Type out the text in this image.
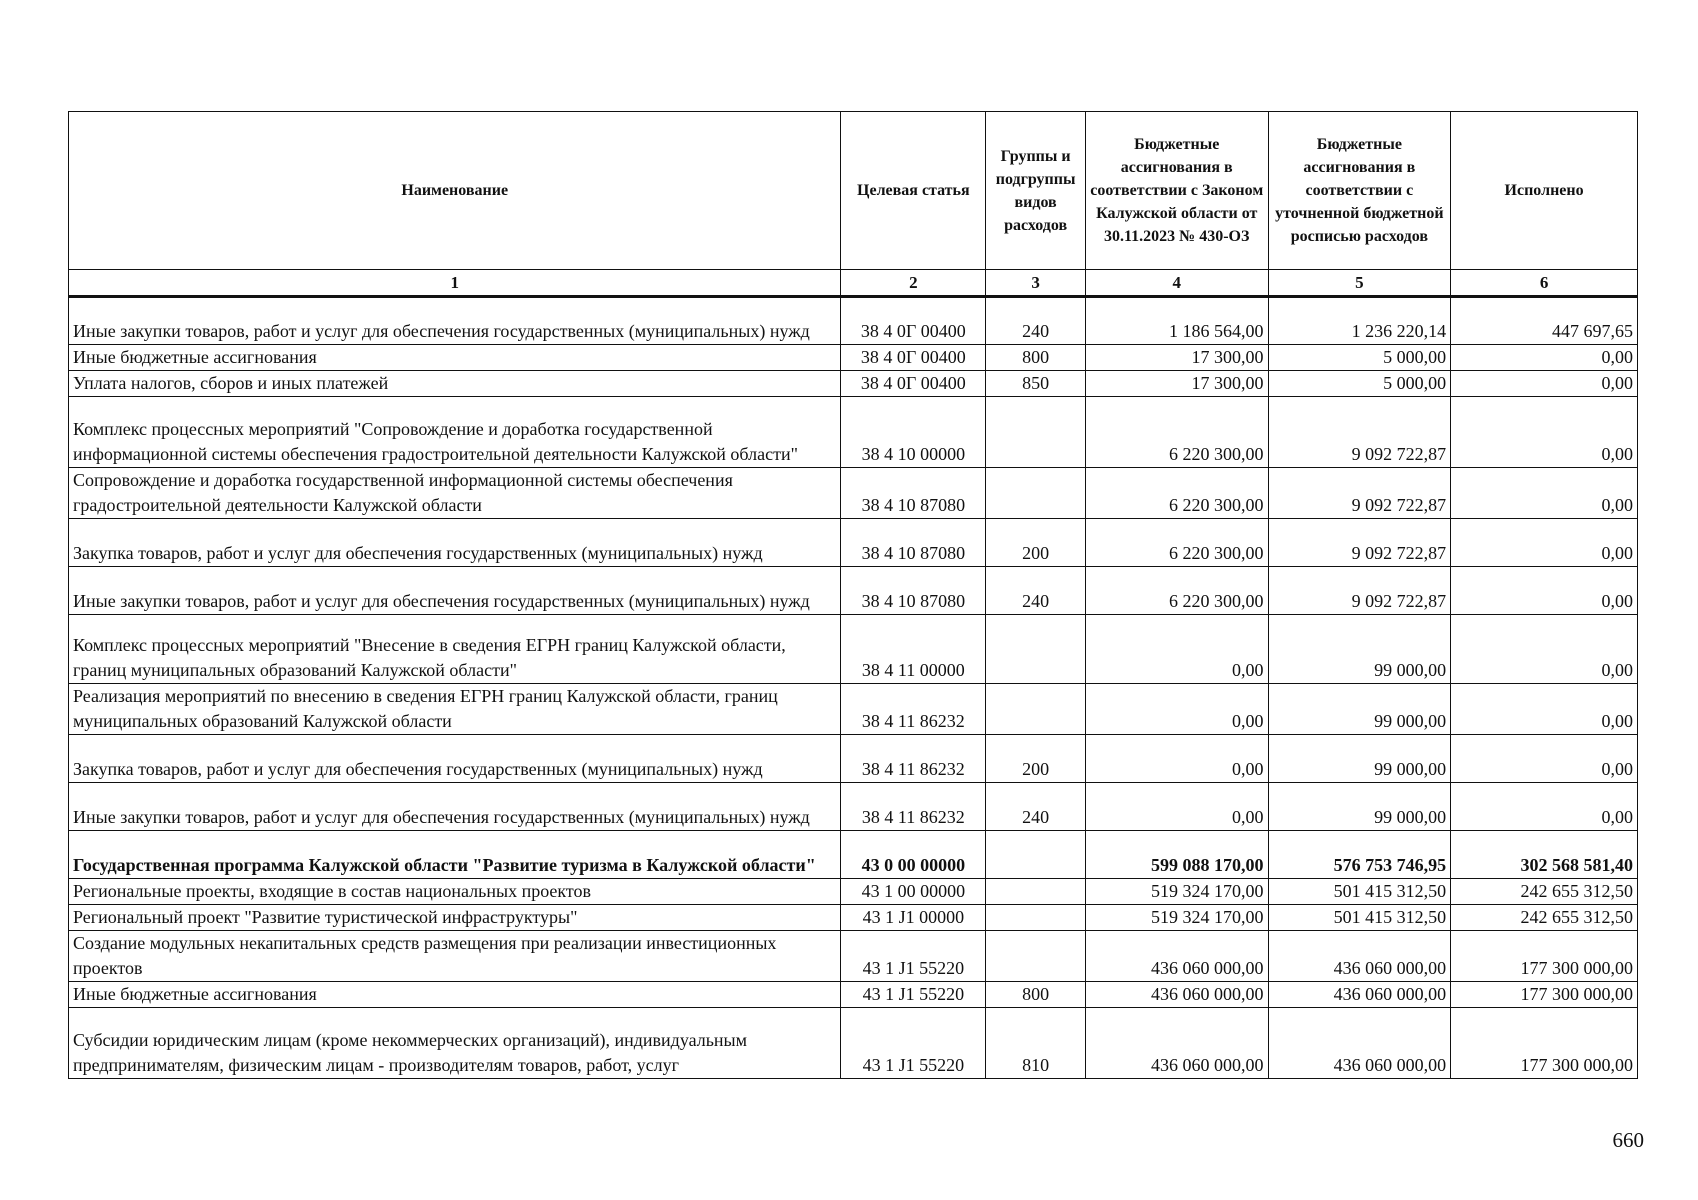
Наименование	Целевая статья	Группы и подгруппы видов расходов	Бюджетные ассигнования в соответствии с Законом Калужской области от 30.11.2023 № 430-ОЗ	Бюджетные ассигнования в соответствии с уточненной бюджетной росписью расходов	Исполнено
1	2	3	4	5	6
Иные закупки товаров, работ и услуг для обеспечения государственных (муниципальных) нужд	38 4 0Г 00400	240	1 186 564,00	1 236 220,14	447 697,65
Иные бюджетные ассигнования	38 4 0Г 00400	800	17 300,00	5 000,00	0,00
Уплата налогов, сборов и иных платежей	38 4 0Г 00400	850	17 300,00	5 000,00	0,00
Комплекс процессных мероприятий "Сопровождение и доработка государственной информационной системы обеспечения градостроительной деятельности Калужской области"	38 4 10 00000		6 220 300,00	9 092 722,87	0,00
Сопровождение и доработка государственной информационной системы обеспечения градостроительной деятельности Калужской области	38 4 10 87080		6 220 300,00	9 092 722,87	0,00
Закупка товаров, работ и услуг для обеспечения государственных (муниципальных) нужд	38 4 10 87080	200	6 220 300,00	9 092 722,87	0,00
Иные закупки товаров, работ и услуг для обеспечения государственных (муниципальных) нужд	38 4 10 87080	240	6 220 300,00	9 092 722,87	0,00
Комплекс процессных мероприятий "Внесение в сведения ЕГРН границ Калужской области, границ муниципальных образований Калужской области"	38 4 11 00000		0,00	99 000,00	0,00
Реализация мероприятий по внесению в сведения ЕГРН границ Калужской области, границ муниципальных образований Калужской области	38 4 11 86232		0,00	99 000,00	0,00
Закупка товаров, работ и услуг для обеспечения государственных (муниципальных) нужд	38 4 11 86232	200	0,00	99 000,00	0,00
Иные закупки товаров, работ и услуг для обеспечения государственных (муниципальных) нужд	38 4 11 86232	240	0,00	99 000,00	0,00
Государственная программа Калужской области "Развитие туризма в Калужской области"	43 0 00 00000		599 088 170,00	576 753 746,95	302 568 581,40
Региональные проекты, входящие в состав национальных проектов	43 1 00 00000		519 324 170,00	501 415 312,50	242 655 312,50
Региональный проект "Развитие туристической инфраструктуры"	43 1 J1 00000		519 324 170,00	501 415 312,50	242 655 312,50
Создание модульных некапитальных средств размещения при реализации инвестиционных проектов	43 1 J1 55220		436 060 000,00	436 060 000,00	177 300 000,00
Иные бюджетные ассигнования	43 1 J1 55220	800	436 060 000,00	436 060 000,00	177 300 000,00
Субсидии юридическим лицам (кроме некоммерческих организаций), индивидуальным предпринимателям, физическим лицам - производителям товаров, работ, услуг	43 1 J1 55220	810	436 060 000,00	436 060 000,00	177 300 000,00
660
